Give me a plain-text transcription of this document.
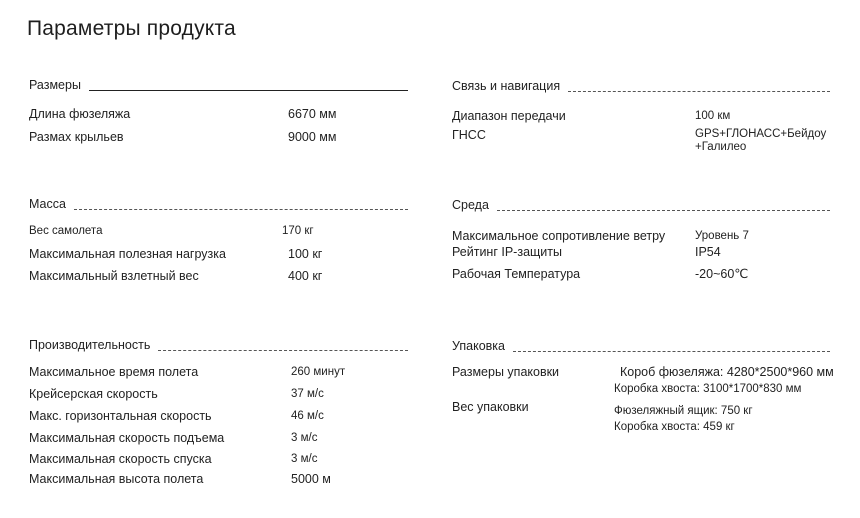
Параметры продукта
Размеры
Длина фюзеляжа	6670 мм
Размах крыльев	9000 мм
Связь и навигация
Диапазон передачи	100 км
ГНСС	GPS+ГЛОНАСС+Бейдоу +Галилео
Масса
Вес самолета	170 кг
Максимальная полезная нагрузка	100 кг
Максимальный взлетный вес	400 кг
Среда
Максимальное сопротивление ветру	Уровень 7
Рейтинг IP-защиты	IP54
Рабочая Температура	-20~60℃
Производительность
Максимальное время полета	260 минут
Крейсерская скорость	37 м/с
Макс. горизонтальная скорость	46 м/с
Максимальная скорость подъема	3 м/с
Максимальная скорость спуска	3 м/с
Максимальная высота полета	5000 м
Упаковка
Размеры упаковки	Короб фюзеляжа: 4280*2500*960 мм
Коробка хвоста: 3100*1700*830 мм
Вес упаковки	Фюзеляжный ящик: 750 кг
Коробка хвоста: 459 кг
